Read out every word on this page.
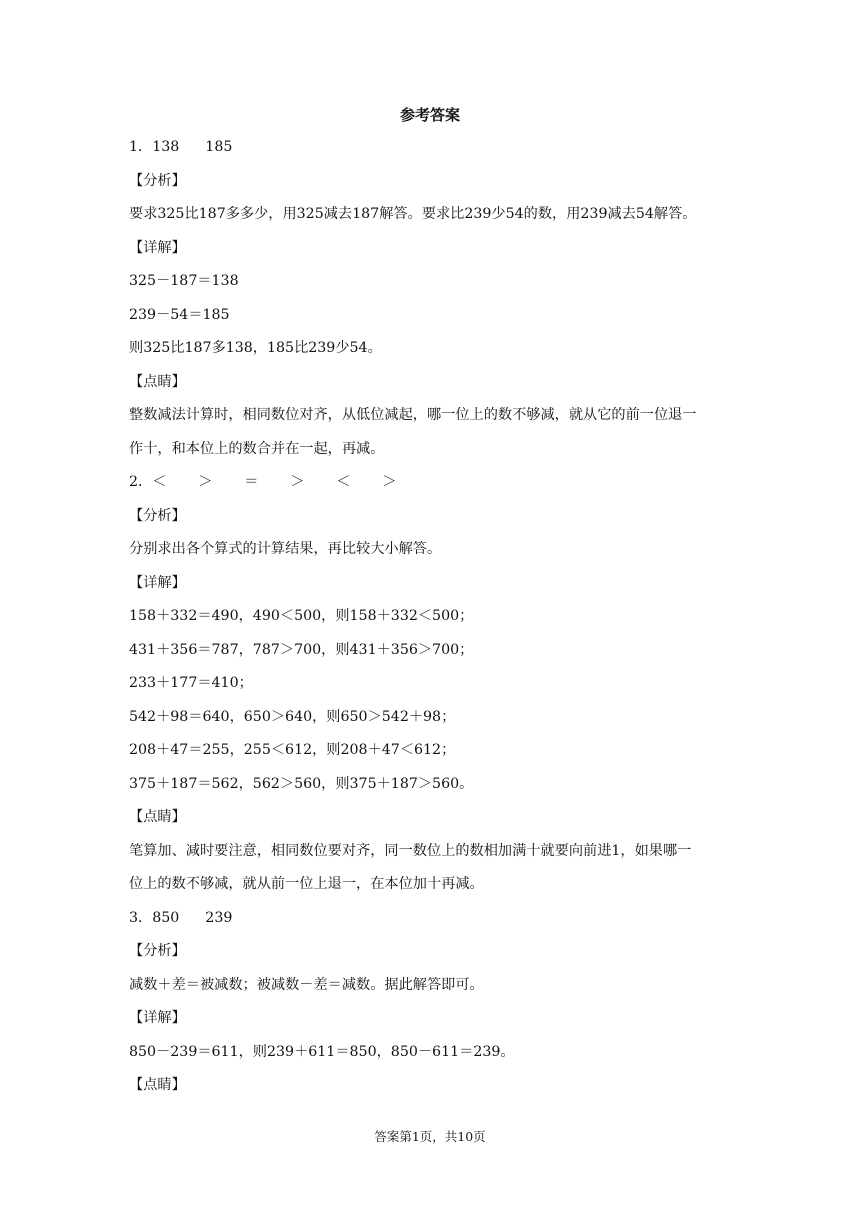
参考答案
1．138 185
【分析】
要求325比187多多少，用325减去187解答。要求比239少54的数，用239减去54解答。
【详解】
325－187＝138
239－54＝185
则325比187多138，185比239少54。
【点睛】
整数减法计算时，相同数位对齐，从低位减起，哪一位上的数不够减，就从它的前一位退一
作十，和本位上的数合并在一起，再减。
2．＜ ＞ ＝ ＞ ＜ ＞
【分析】
分别求出各个算式的计算结果，再比较大小解答。
【详解】
158＋332＝490，490＜500，则158＋332＜500；
431＋356＝787，787＞700，则431＋356＞700；
233＋177＝410；
542＋98＝640，650＞640，则650＞542＋98；
208＋47＝255，255＜612，则208＋47＜612；
375＋187＝562，562＞560，则375＋187＞560。
【点睛】
笔算加、减时要注意，相同数位要对齐，同一数位上的数相加满十就要向前进1，如果哪一
位上的数不够减，就从前一位上退一，在本位加十再减。
3．850 239
【分析】
减数＋差＝被减数；被减数－差＝减数。据此解答即可。
【详解】
850－239＝611，则239＋611＝850，850－611＝239。
【点睛】
答案第1页，共10页
